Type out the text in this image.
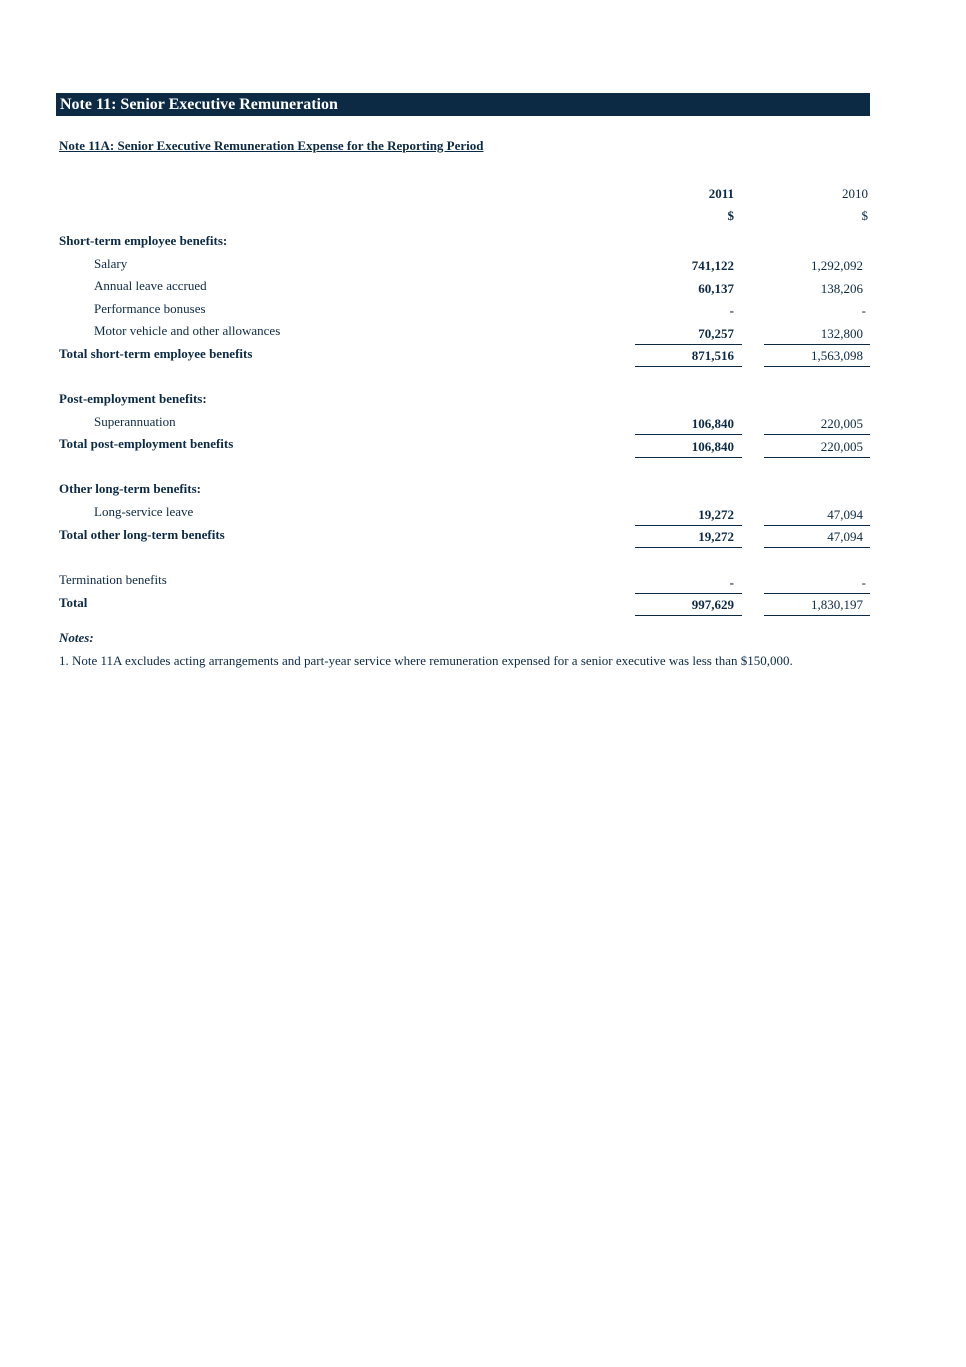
Note 11: Senior Executive Remuneration
Note 11A: Senior Executive Remuneration Expense for the Reporting Period
2011	2010
$	$
Short-term employee benefits:
Salary	741,122	1,292,092
Annual leave accrued	60,137	138,206
Performance bonuses	-	-
Motor vehicle and other allowances	70,257	132,800
Total short-term employee benefits	871,516	1,563,098
Post-employment benefits:
Superannuation	106,840	220,005
Total post-employment benefits	106,840	220,005
Other long-term benefits:
Long-service leave	19,272	47,094
Total other long-term benefits	19,272	47,094
Termination benefits	-	-
Total	997,629	1,830,197
Notes:
1. Note 11A excludes acting arrangements and part-year service where remuneration expensed for a senior executive was less than $150,000.
